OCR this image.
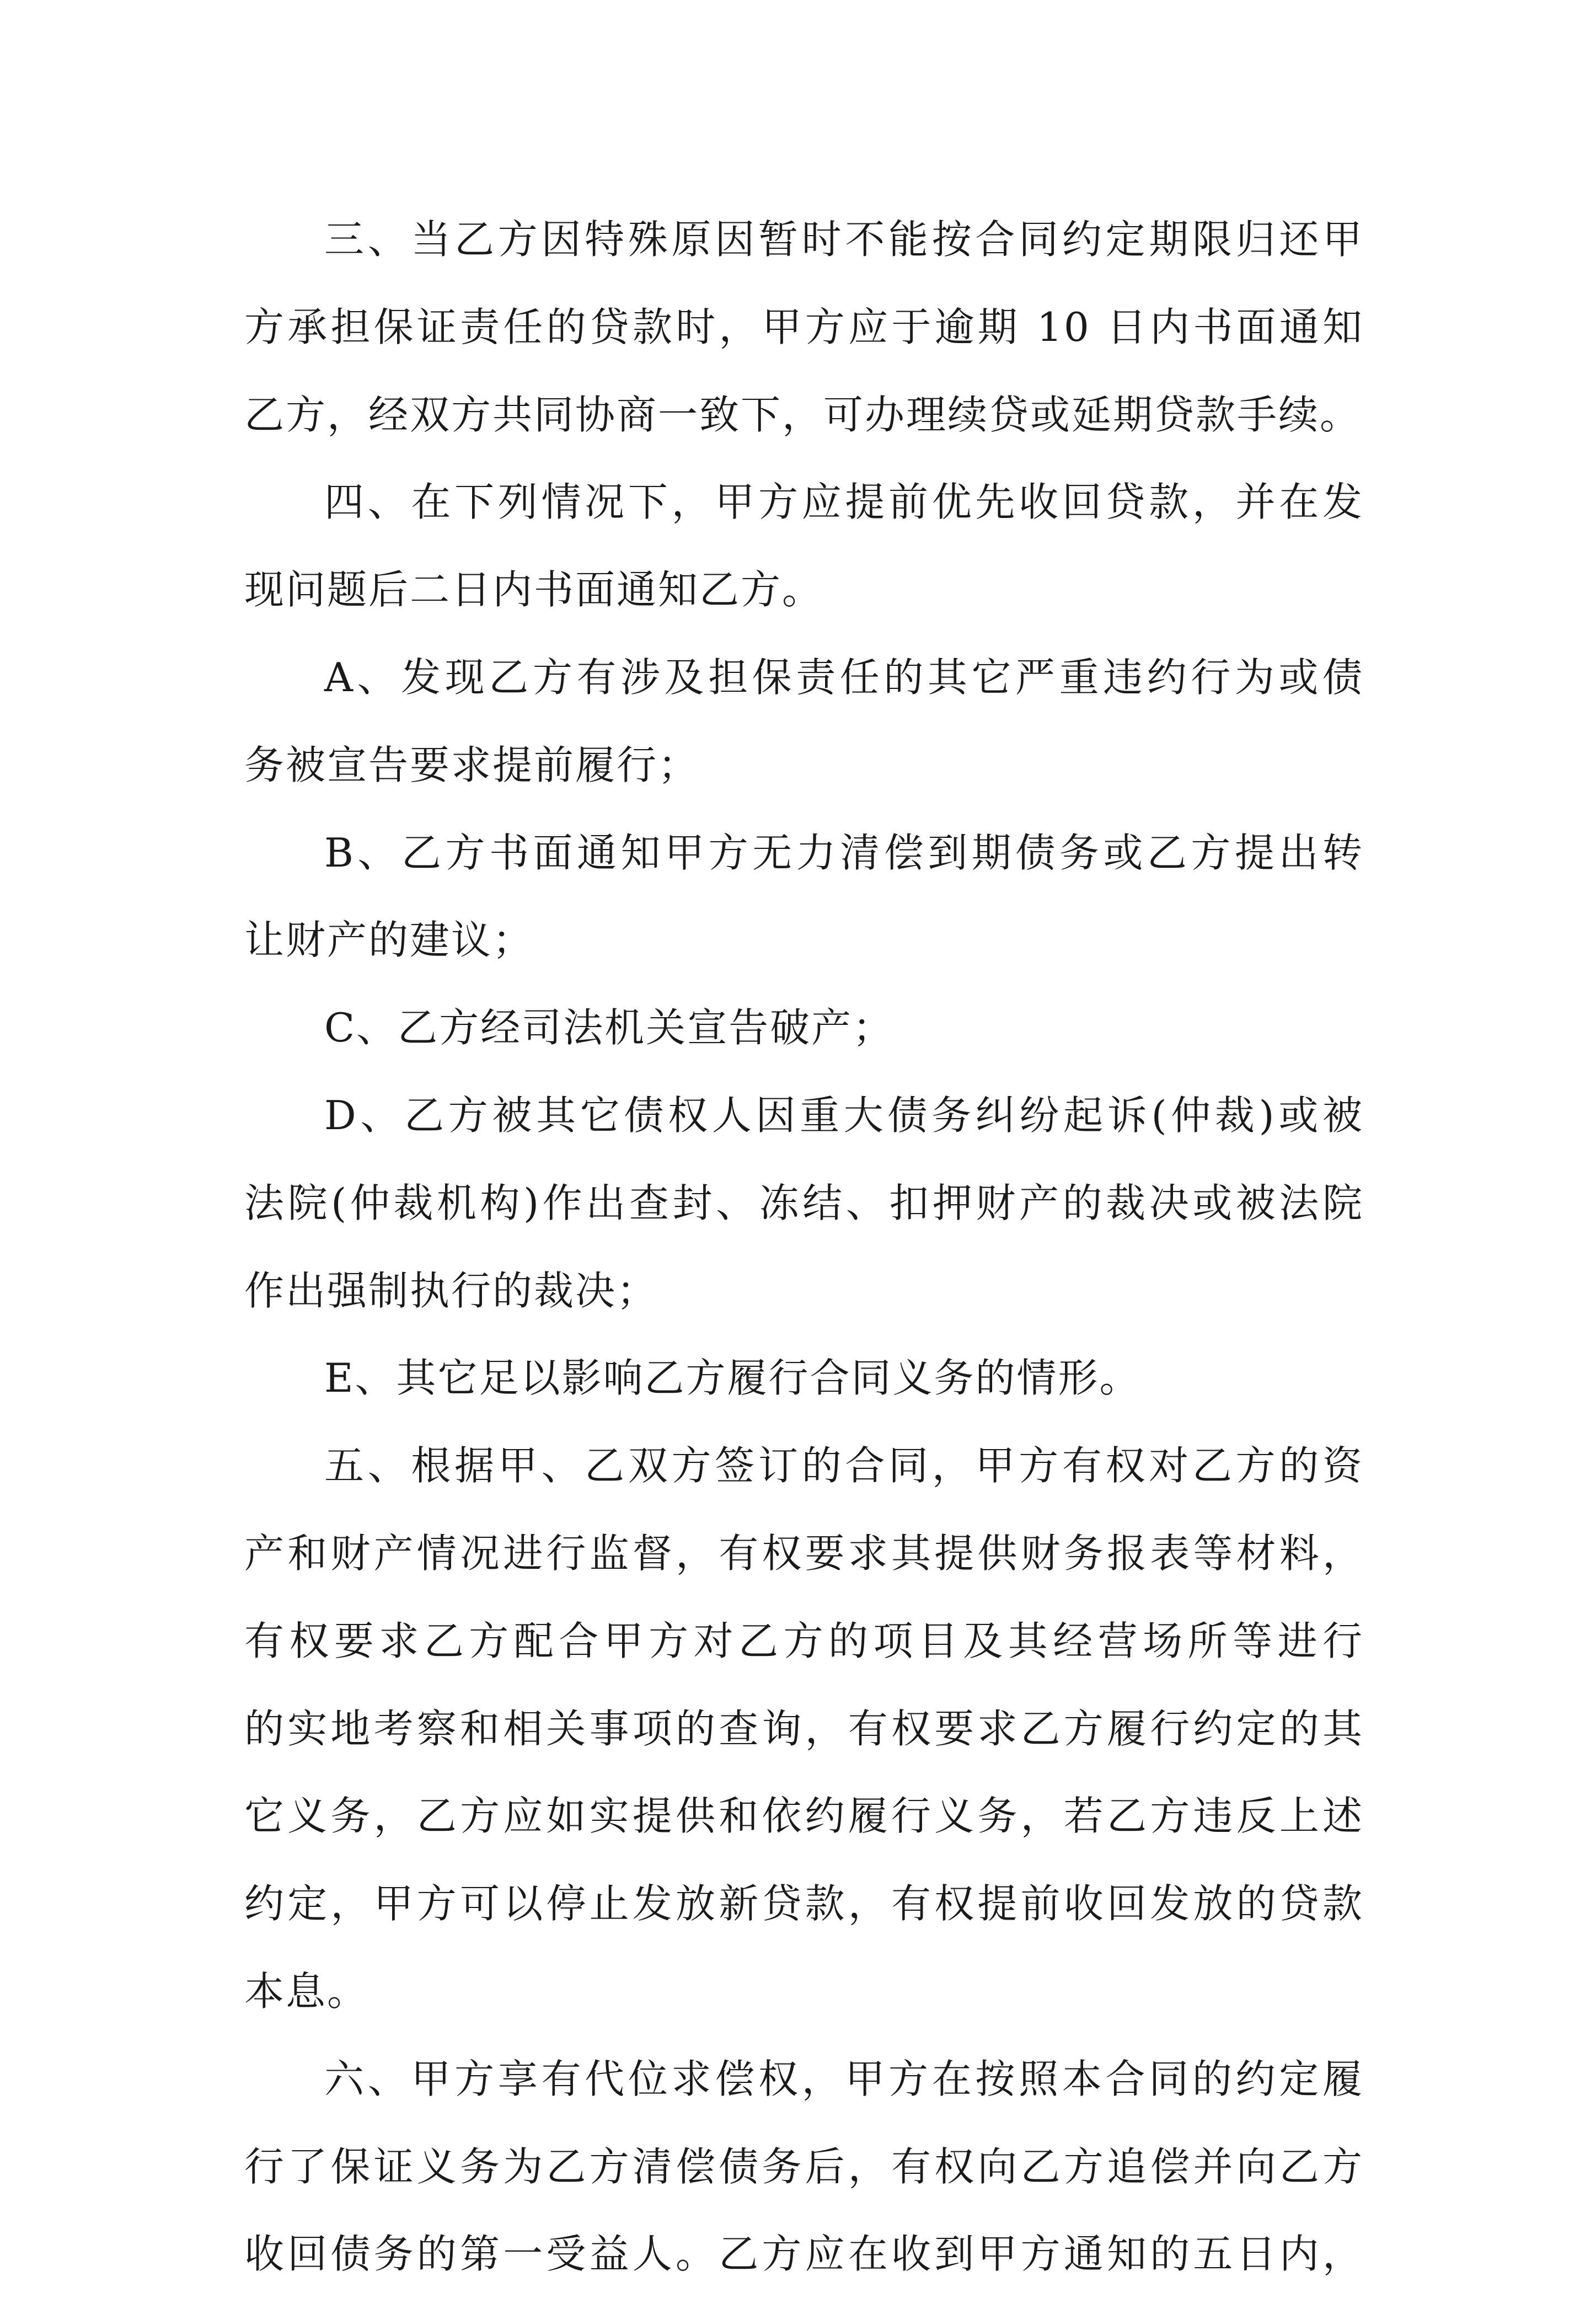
三、当乙方因特殊原因暂时不能按合同约定期限归还甲
方承担保证责任的贷款时，甲方应于逾期 10 日内书面通知
乙方，经双方共同协商一致下，可办理续贷或延期贷款手续。
四、在下列情况下，甲方应提前优先收回贷款，并在发
现问题后二日内书面通知乙方。
A、发现乙方有涉及担保责任的其它严重违约行为或债
务被宣告要求提前履行；
B、乙方书面通知甲方无力清偿到期债务或乙方提出转
让财产的建议；
C、乙方经司法机关宣告破产；
D、乙方被其它债权人因重大债务纠纷起诉(仲裁)或被
法院(仲裁机构)作出查封、冻结、扣押财产的裁决或被法院
作出强制执行的裁决；
E、其它足以影响乙方履行合同义务的情形。
五、根据甲、乙双方签订的合同，甲方有权对乙方的资
产和财产情况进行监督，有权要求其提供财务报表等材料，
有权要求乙方配合甲方对乙方的项目及其经营场所等进行
的实地考察和相关事项的查询，有权要求乙方履行约定的其
它义务，乙方应如实提供和依约履行义务，若乙方违反上述
约定，甲方可以停止发放新贷款，有权提前收回发放的贷款
本息。
六、甲方享有代位求偿权，甲方在按照本合同的约定履
行了保证义务为乙方清偿债务后，有权向乙方追偿并向乙方
收回债务的第一受益人。乙方应在收到甲方通知的五日内，
